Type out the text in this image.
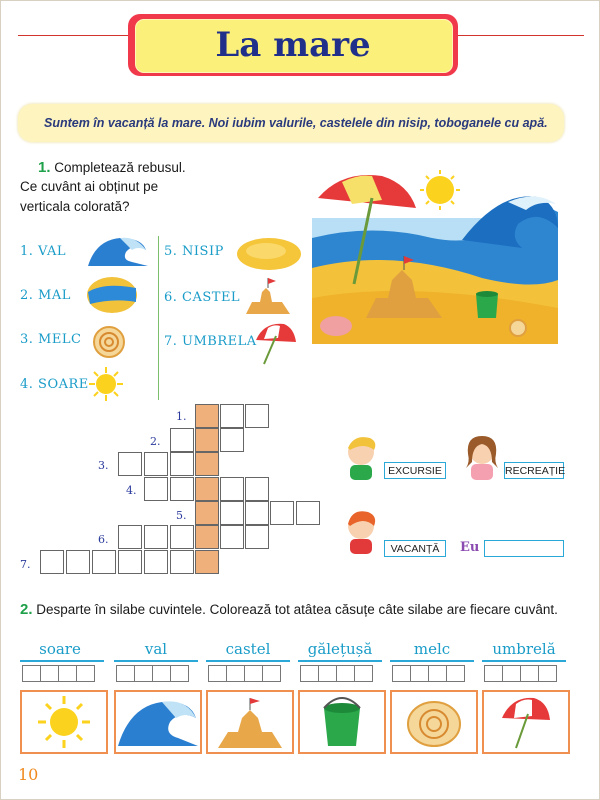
La mare
Suntem în vacanță la mare. Noi iubim valurile, castelele din nisip, toboganele cu apă.
1. Completează rebusul.
Ce cuvânt ai obținut pe
verticala colorată?
1. VAL
2. MAL
3. MELC
4. SOARE
5. NISIP
6. CASTEL
7. UMBRELA
1.
2.
3.
4.
5.
6.
7.
EXCURSIE	RECREAȚIE
VACANȚĂ	Eu
2. Desparte în silabe cuvintele. Colorează tot atâtea căsuțe câte silabe are fiecare cuvânt.
soare	val	castel	gălețușă	melc	umbrelă
10
